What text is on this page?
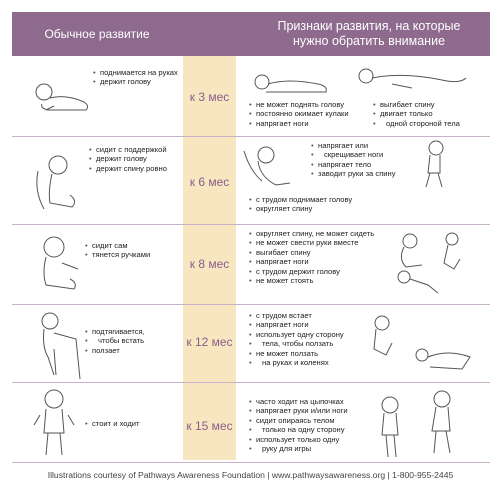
Обычное развитие
Признаки развития, на которые
нужно обратить внимание
• поднимается на руках
• держит голову
к 3 мес
• не может поднять голову
• постоянно окимает кулаки
• напрягает ноги
• выгибает спину
• двигает только
• одной стороной тела
• сидит с поддержкой
• держит голову
• держит спину ровно
к 6 мес
• напрягает или
• скрещивает ноги
• напрягает тело
• заводит руки за спину
• с трудом поднимает голову
• округляет спину
• сидит сам
• тянется ручками
к 8 мес
• округляет спину, не может сидеть
• не может свести руки вместе
• выгибает спину
• напрягает ноги
• с трудом держит голову
• не может стоять
• подтягивается,
• чтобы встать
• ползает
к 12 мес
• с трудом встает
• напрягает ноги
• использует одну сторону
• тела, чтобы ползать
• не может ползать
• на руках и коленях
• стоит и ходит	к 15 мес
• часто ходит на цыпочках
• напрягает руки и/или ноги
• сидит опираясь телом
• только на одну сторону
• использует только одну
• руку для игры
Illustrations courtesy of Pathways Awareness Foundation | www.pathwaysawareness.org | 1-800-955-2445
